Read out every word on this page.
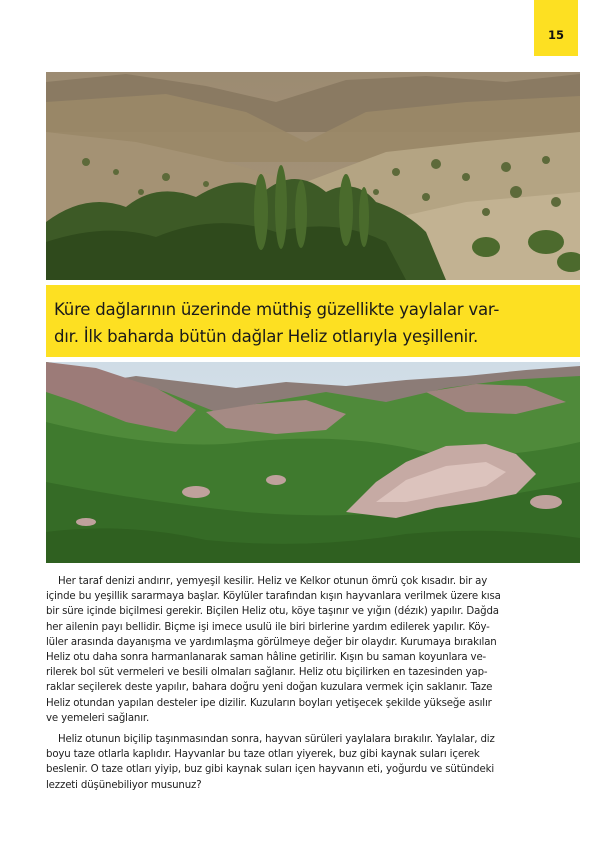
15
Küre dağlarının üzerinde müthiş güzellikte yaylalar var-
dır. İlk baharda bütün dağlar Heliz otlarıyla yeşillenir.
Her taraf denizi andırır, yemyeşil kesilir. Heliz ve Kelkor otunun ömrü çok kısadır. bir ay
içinde bu yeşillik sararmaya başlar. Köylüler tarafından kışın hayvanlara verilmek üzere kısa
bir süre içinde biçilmesi gerekir. Biçilen Heliz otu, köye taşınır ve yığın (dézık) yapılır. Dağda
her ailenin payı bellidir. Biçme işi imece usulü ile biri birlerine yardım edilerek yapılır. Köy-
lüler arasında dayanışma ve yardımlaşma görülmeye değer bir olaydır. Kurumaya bırakılan
Heliz otu daha sonra harmanlanarak saman hâline getirilir. Kışın bu saman koyunlara ve-
rilerek bol süt vermeleri ve besili olmaları sağlanır. Heliz otu biçilirken en tazesinden yap-
raklar seçilerek deste yapılır, bahara doğru yeni doğan kuzulara vermek için saklanır. Taze
Heliz otundan yapılan desteler ipe dizilir. Kuzuların boyları yetişecek şekilde yükseğe asılır
ve yemeleri sağlanır.
Heliz otunun biçilip taşınmasından sonra, hayvan sürüleri yaylalara bırakılır. Yaylalar, diz
boyu taze otlarla kaplıdır. Hayvanlar bu taze otları yiyerek, buz gibi kaynak suları içerek
beslenir. O taze otları yiyip, buz gibi kaynak suları içen hayvanın eti, yoğurdu ve sütündeki
lezzeti düşünebiliyor musunuz?
